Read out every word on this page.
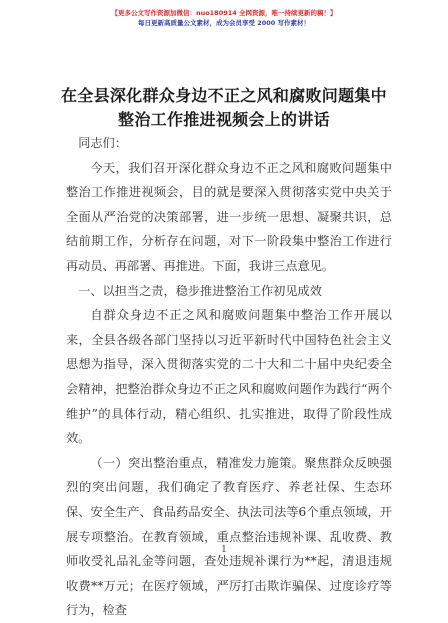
【更多公文写作资源加微信：nuo180914 全网资源，唯一持续更新的稿！】
每日更新高质量公文素材，成为会员享受 2000 写作素材！
在全县深化群众身边不正之风和腐败问题集中
整治工作推进视频会上的讲话

同志们：

今天，我们召开深化群众身边不正之风和腐败问题集中整治工作推进视频会，目的就是要深入贯彻落实党中央关于全面从严治党的决策部署，进一步统一思想、凝聚共识，总结前期工作，分析存在问题，对下一阶段集中整治工作进行再动员、再部署、再推进。下面，我讲三点意见。

一、以担当之责，稳步推进整治工作初见成效

自群众身边不正之风和腐败问题集中整治工作开展以来，全县各级各部门坚持以习近平新时代中国特色社会主义思想为指导，深入贯彻落实党的二十大和二十届中央纪委全会精神，把整治群众身边不正之风和腐败问题作为践行“两个维护”的具体行动，精心组织、扎实推进，取得了阶段性成效。

（一）突出整治重点，精准发力施策。聚焦群众反映强烈的突出问题，我们确定了教育医疗、养老社保、生态环保、安全生产、食品药品安全、执法司法等6个重点领域，开展专项整治。在教育领域，重点整治违规补课、乱收费、教师收受礼品礼金等问题，查处违规补课行为**起，清退违规收费**万元；在医疗领域，严厉打击欺诈骗保、过度诊疗等行为，检查

1
